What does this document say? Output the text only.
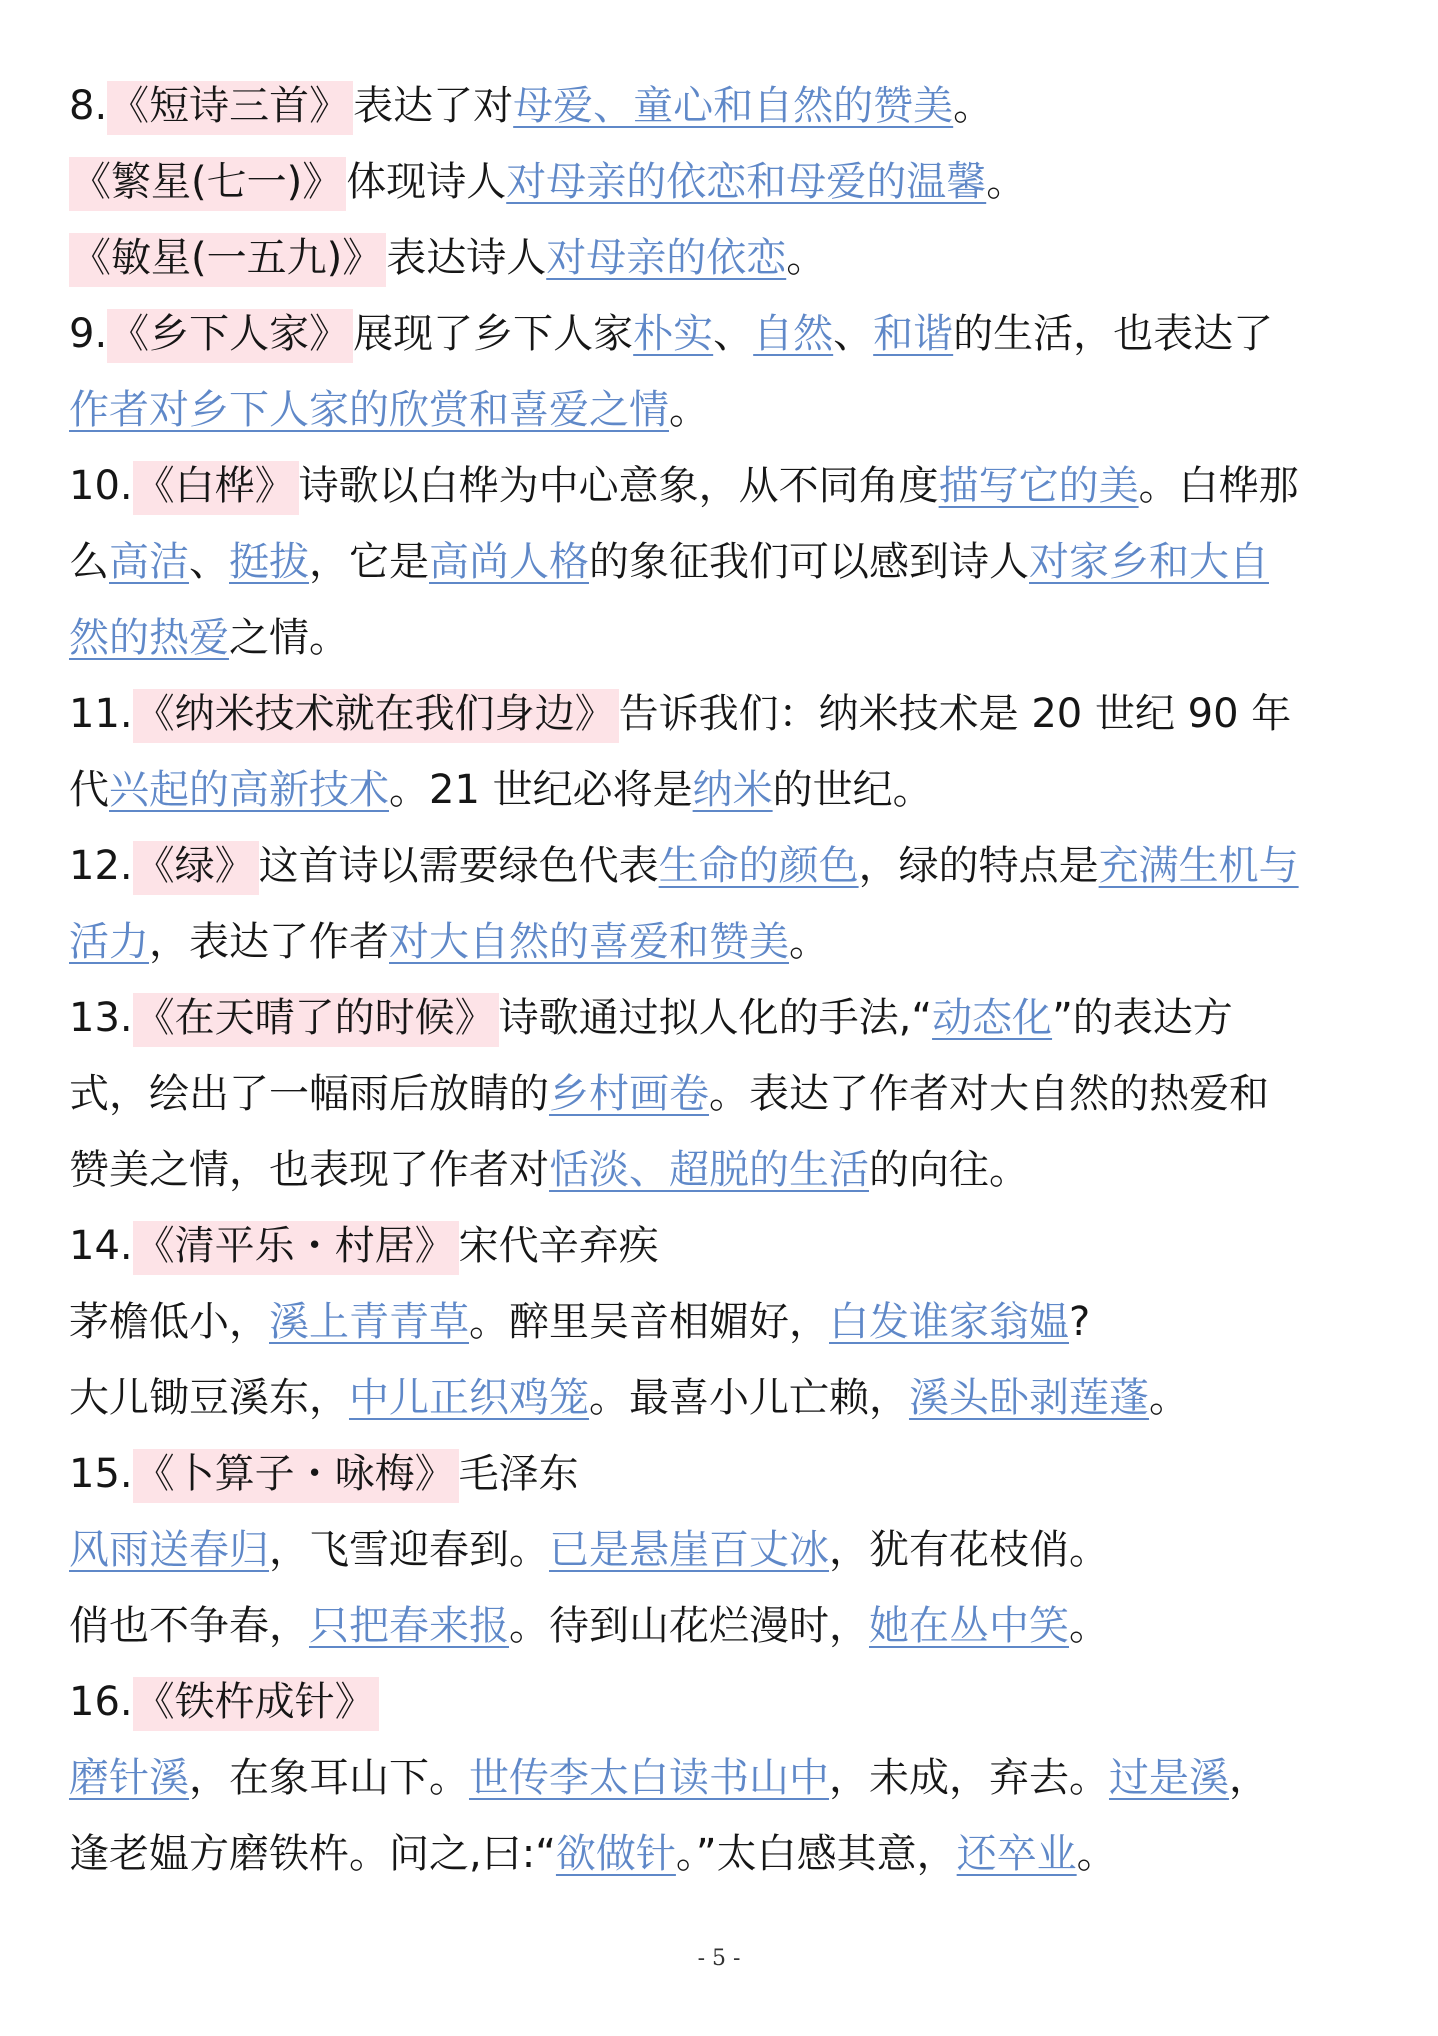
8.《短诗三首》 表达了对母爱、童心和自然的赞美。
《繁星(七一)》 体现诗人对母亲的依恋和母爱的温馨。
《敏星(一五九)》 表达诗人对母亲的依恋。
9.《乡下人家》 展现了乡下人家朴实、自然、和谐的生活，也表达了
作者对乡下人家的欣赏和喜爱之情。
10.《白桦》 诗歌以白桦为中心意象，从不同角度描写它的美。白桦那
么高洁、挺拔，它是高尚人格的象征我们可以感到诗人对家乡和大自
然的热爱之情。
11.《纳米技术就在我们身边》 告诉我们：纳米技术是 20 世纪 90 年
代兴起的高新技术。21 世纪必将是纳米的世纪。
12.《绿》 这首诗以需要绿色代表生命的颜色，绿的特点是充满生机与
活力，表达了作者对大自然的喜爱和赞美。
13.《在天晴了的时候》 诗歌通过拟人化的手法,“动态化”的表达方
式，绘出了一幅雨后放睛的乡村画卷。表达了作者对大自然的热爱和
赞美之情，也表现了作者对恬淡、超脱的生活的向往。
14.《清平乐・村居》 宋代辛弃疾
茅檐低小，溪上青青草。醉里吴音相媚好，白发谁家翁媪?
大儿锄豆溪东，中儿正织鸡笼。最喜小儿亡赖，溪头卧剥莲蓬。
15.《卜算子・咏梅》 毛泽东
风雨送春归，飞雪迎春到。已是悬崖百丈冰，犹有花枝俏。
俏也不争春，只把春来报。待到山花烂漫时，她在丛中笑。
16.《铁杵成针》
磨针溪，在象耳山下。世传李太白读书山中，未成，弃去。过是溪，
逢老媪方磨铁杵。问之,曰:“欲做针。”太白感其意，还卒业。
- 5 -
